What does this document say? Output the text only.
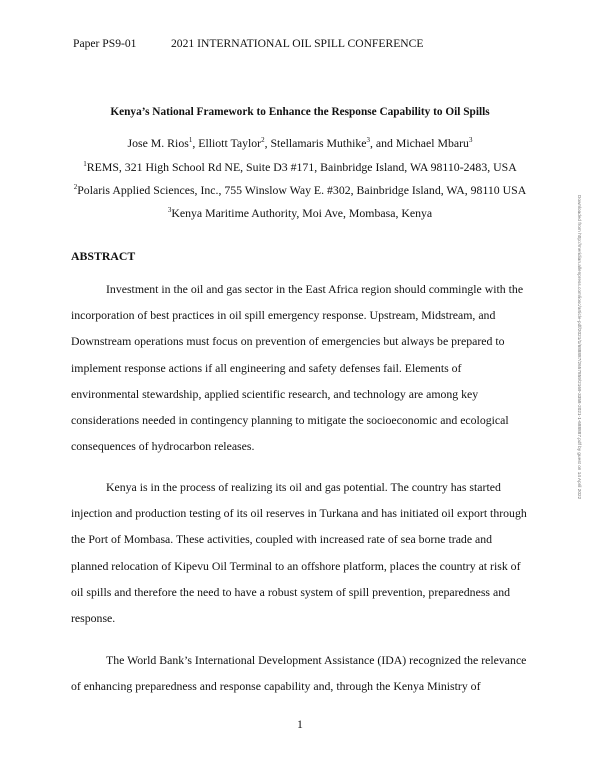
Paper PS9-01	2021 INTERNATIONAL OIL SPILL CONFERENCE
Kenya’s National Framework to Enhance the Response Capability to Oil Spills
Jose M. Rios$^1$, Elliott Taylor$^2$, Stellamaris Muthike$^3$, and Michael Mbaru$^3$
$^1$REMS, 321 High School Rd NE, Suite D3 #171, Bainbridge Island, WA 98110-2483, USA
$^2$Polaris Applied Sciences, Inc., 755 Winslow Way E. #302, Bainbridge Island, WA, 98110 USA
$^3$Kenya Maritime Authority, Moi Ave, Mombasa, Kenya
ABSTRACT
Investment in the oil and gas sector in the East Africa region should commingle with the
incorporation of best practices in oil spill emergency response. Upstream, Midstream, and
Downstream operations must focus on prevention of emergencies but always be prepared to
implement response actions if all engineering and safety defenses fail. Elements of
environmental stewardship, applied scientific research, and technology are among key
considerations needed in contingency planning to mitigate the socioeconomic and ecological
consequences of hydrocarbon releases.
Kenya is in the process of realizing its oil and gas potential. The country has started
injection and production testing of its oil reserves in Turkana and has initiated oil export through
the Port of Mombasa. These activities, coupled with increased rate of sea borne trade and
planned relocation of Kipevu Oil Terminal to an offshore platform, places the country at risk of
oil spills and therefore the need to have a robust system of spill prevention, preparedness and
response.
The World Bank’s International Development Assistance (IDA) recognized the relevance
of enhancing preparedness and response capability and, through the Kenya Ministry of
1
Downloaded from http://meridian.allenpress.com/iosc/article-pdf/2021/1/688887/2657859/2169-3358-2021-1-688887.pdf by guest on 14 April 2022
